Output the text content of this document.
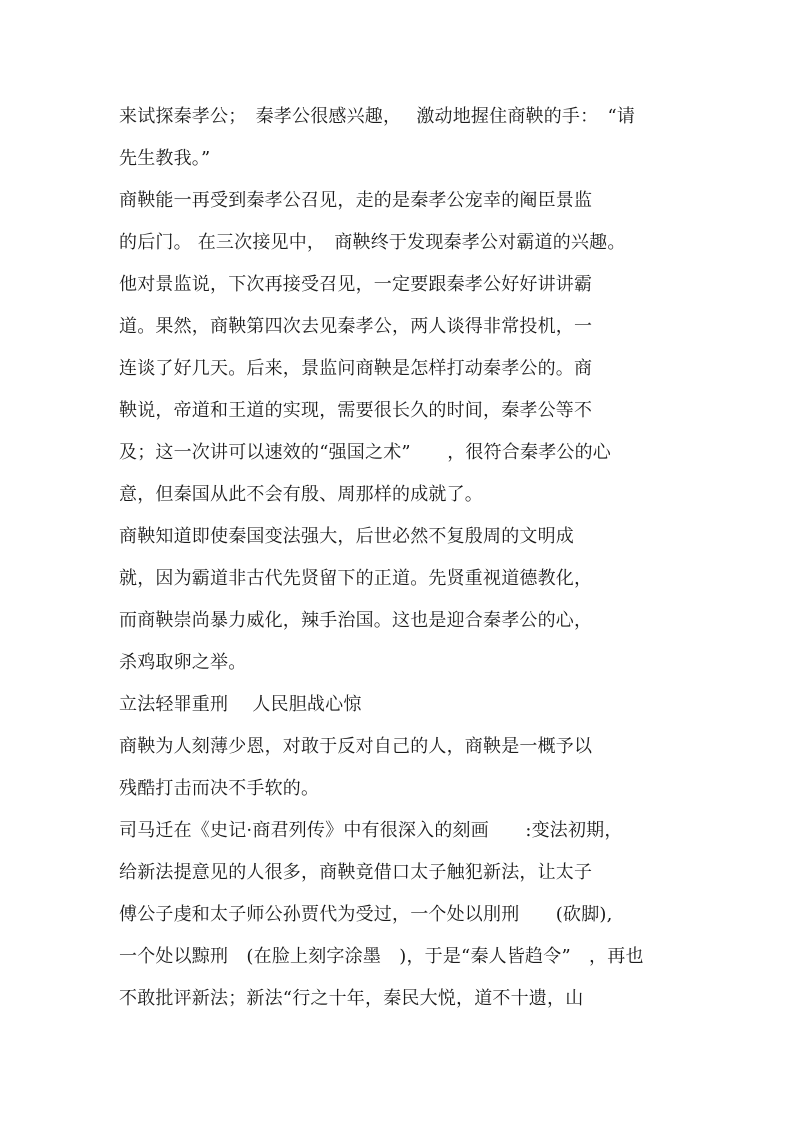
来试探秦孝公；　秦孝公很感兴趣，　 激动地握住商鞅的手：　“请
先生教我。”
商鞅能一再受到秦孝公召见，走的是秦孝公宠幸的阉臣景监
的后门。 在三次接见中，　商鞅终于发现秦孝公对霸道的兴趣。
他对景监说，下次再接受召见，一定要跟秦孝公好好讲讲霸
道。果然，商鞅第四次去见秦孝公，两人谈得非常投机，一
连谈了好几天。后来，景监问商鞅是怎样打动秦孝公的。商
鞅说，帝道和王道的实现，需要很长久的时间，秦孝公等不
及；这一次讲可以速效的“强国之术”　　，很符合秦孝公的心
意，但秦国从此不会有殷、周那样的成就了。
商鞅知道即使秦国变法强大，后世必然不复殷周的文明成
就，因为霸道非古代先贤留下的正道。先贤重视道德教化，
而商鞅崇尚暴力威化，辣手治国。这也是迎合秦孝公的心，
杀鸡取卵之举。
立法轻罪重刑　 人民胆战心惊
商鞅为人刻薄少恩，对敢于反对自己的人，商鞅是一概予以
残酷打击而决不手软的。
司马迁在《史记·商君列传》中有很深入的刻画　　:变法初期，
给新法提意见的人很多，商鞅竟借口太子触犯新法，让太子
傅公子虔和太子师公孙贾代为受过，一个处以刖刑　　(砍脚),
一个处以黥刑　(在脸上刻字涂墨　)，于是“秦人皆趋令”　，再也
不敢批评新法；新法“行之十年，秦民大悦，道不十遗，山
